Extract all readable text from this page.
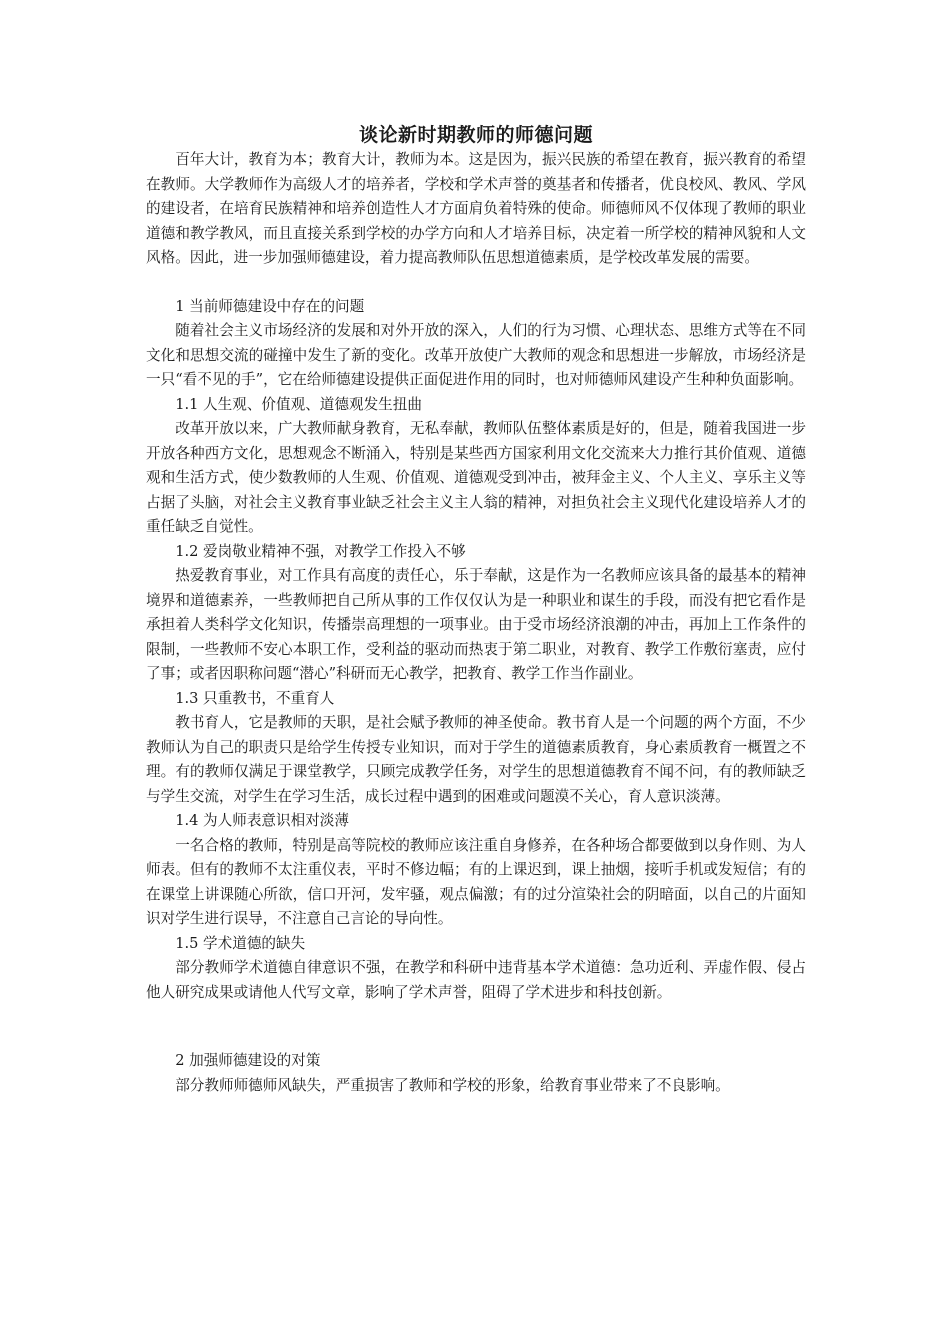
谈论新时期教师的师德问题

百年大计，教育为本；教育大计，教师为本。这是因为，振兴民族的希望在教育，振兴教育的希望在教师。大学教师作为高级人才的培养者，学校和学术声誉的奠基者和传播者，优良校风、教风、学风的建设者，在培育民族精神和培养创造性人才方面肩负着特殊的使命。师德师风不仅体现了教师的职业道德和教学教风，而且直接关系到学校的办学方向和人才培养目标，决定着一所学校的精神风貌和人文风格。因此，进一步加强师德建设，着力提高教师队伍思想道德素质，是学校改革发展的需要。

1 当前师德建设中存在的问题

随着社会主义市场经济的发展和对外开放的深入，人们的行为习惯、心理状态、思维方式等在不同文化和思想交流的碰撞中发生了新的变化。改革开放使广大教师的观念和思想进一步解放，市场经济是一只“看不见的手”，它在给师德建设提供正面促进作用的同时，也对师德师风建设产生种种负面影响。

1.1 人生观、价值观、道德观发生扭曲

改革开放以来，广大教师献身教育，无私奉献，教师队伍整体素质是好的，但是，随着我国进一步开放各种西方文化，思想观念不断涌入，特别是某些西方国家利用文化交流来大力推行其价值观、道德观和生活方式，使少数教师的人生观、价值观、道德观受到冲击，被拜金主义、个人主义、享乐主义等占据了头脑，对社会主义教育事业缺乏社会主义主人翁的精神，对担负社会主义现代化建设培养人才的重任缺乏自觉性。

1.2 爱岗敬业精神不强，对教学工作投入不够

热爱教育事业，对工作具有高度的责任心，乐于奉献，这是作为一名教师应该具备的最基本的精神境界和道德素养，一些教师把自己所从事的工作仅仅认为是一种职业和谋生的手段，而没有把它看作是承担着人类科学文化知识，传播崇高理想的一项事业。由于受市场经济浪潮的冲击，再加上工作条件的限制，一些教师不安心本职工作，受利益的驱动而热衷于第二职业，对教育、教学工作敷衍塞责，应付了事；或者因职称问题“潜心”科研而无心教学，把教育、教学工作当作副业。

1.3 只重教书，不重育人

教书育人，它是教师的天职，是社会赋予教师的神圣使命。教书育人是一个问题的两个方面，不少教师认为自己的职责只是给学生传授专业知识，而对于学生的道德素质教育，身心素质教育一概置之不理。有的教师仅满足于课堂教学，只顾完成教学任务，对学生的思想道德教育不闻不问，有的教师缺乏与学生交流，对学生在学习生活，成长过程中遇到的困难或问题漠不关心，育人意识淡薄。

1.4 为人师表意识相对淡薄

一名合格的教师，特别是高等院校的教师应该注重自身修养，在各种场合都要做到以身作则、为人师表。但有的教师不太注重仪表，平时不修边幅；有的上课迟到，课上抽烟，接听手机或发短信；有的在课堂上讲课随心所欲，信口开河，发牢骚，观点偏激；有的过分渲染社会的阴暗面，以自己的片面知识对学生进行误导，不注意自己言论的导向性。

1.5 学术道德的缺失

部分教师学术道德自律意识不强，在教学和科研中违背基本学术道德：急功近利、弄虚作假、侵占他人研究成果或请他人代写文章，影响了学术声誉，阻碍了学术进步和科技创新。

2 加强师德建设的对策

部分教师师德师风缺失，严重损害了教师和学校的形象，给教育事业带来了不良影响。
